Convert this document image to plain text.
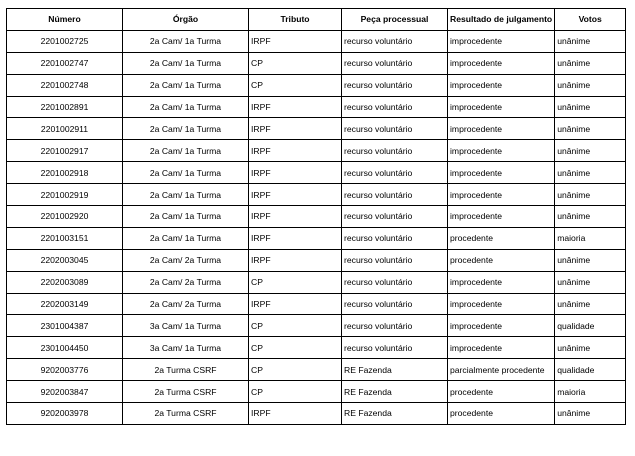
Número	Órgão	Tributo	Peça processual	Resultado de julgamento	Votos
2201002725	2a Cam/ 1a Turma	IRPF	recurso voluntário	improcedente	unânime
2201002747	2a Cam/ 1a Turma	CP	recurso voluntário	improcedente	unânime
2201002748	2a Cam/ 1a Turma	CP	recurso voluntário	improcedente	unânime
2201002891	2a Cam/ 1a Turma	IRPF	recurso voluntário	improcedente	unânime
2201002911	2a Cam/ 1a Turma	IRPF	recurso voluntário	improcedente	unânime
2201002917	2a Cam/ 1a Turma	IRPF	recurso voluntário	improcedente	unânime
2201002918	2a Cam/ 1a Turma	IRPF	recurso voluntário	improcedente	unânime
2201002919	2a Cam/ 1a Turma	IRPF	recurso voluntário	improcedente	unânime
2201002920	2a Cam/ 1a Turma	IRPF	recurso voluntário	improcedente	unânime
2201003151	2a Cam/ 1a Turma	IRPF	recurso voluntário	procedente	maioria
2202003045	2a Cam/ 2a Turma	IRPF	recurso voluntário	procedente	unânime
2202003089	2a Cam/ 2a Turma	CP	recurso voluntário	improcedente	unânime
2202003149	2a Cam/ 2a Turma	IRPF	recurso voluntário	improcedente	unânime
2301004387	3a Cam/ 1a Turma	CP	recurso voluntário	improcedente	qualidade
2301004450	3a Cam/ 1a Turma	CP	recurso voluntário	improcedente	unânime
9202003776	2a Turma CSRF	CP	RE Fazenda	parcialmente procedente	qualidade
9202003847	2a Turma CSRF	CP	RE Fazenda	procedente	maioria
9202003978	2a Turma CSRF	IRPF	RE Fazenda	procedente	unânime
